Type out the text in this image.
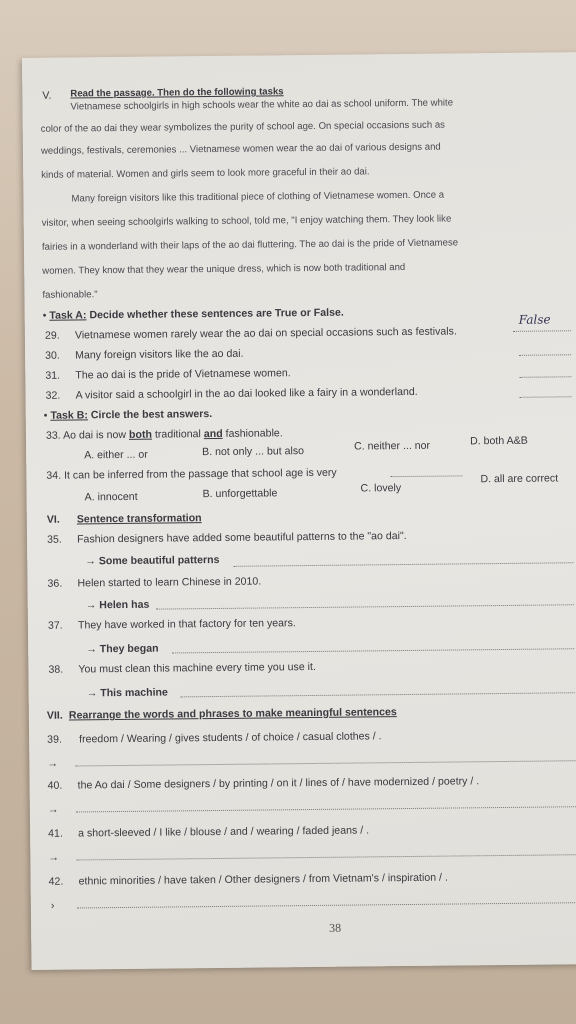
V. Read the passage. Then do the following tasks
Vietnamese schoolgirls in high schools wear the white ao dai as school uniform. The white
color of the ao dai they wear symbolizes the purity of school age. On special occasions such as
weddings, festivals, ceremonies ... Vietnamese women wear the ao dai of various designs and
kinds of material. Women and girls seem to look more graceful in their ao dai.
Many foreign visitors like this traditional piece of clothing of Vietnamese women. Once a
visitor, when seeing schoolgirls walking to school, told me, "I enjoy watching them. They look like
fairies in a wonderland with their laps of the ao dai fluttering. The ao dai is the pride of Vietnamese
women. They know that they wear the unique dress, which is now both traditional and
fashionable."
• Task A: Decide whether these sentences are True or False.
29. Vietnamese women rarely wear the ao dai on special occasions such as festivals.
False
30. Many foreign visitors like the ao dai.
31. The ao dai is the pride of Vietnamese women.
32. A visitor said a schoolgirl in the ao dai looked like a fairy in a wonderland.
• Task B: Circle the best answers.
33. Ao dai is now both traditional and fashionable.
A. either ... or	B. not only ... but also	C. neither ... nor	D. both A&B
34. It can be inferred from the passage that school age is very
A. innocent	B. unforgettable	C. lovely
D. all are correct
VI. Sentence transformation
35. Fashion designers have added some beautiful patterns to the "ao dai".
→ Some beautiful patterns
36. Helen started to learn Chinese in 2010.
→ Helen has
37. They have worked in that factory for ten years.
→ They began
38. You must clean this machine every time you use it.
→ This machine
VII. Rearrange the words and phrases to make meaningful sentences
39. freedom / Wearing / gives students / of choice / casual clothes / .
→
40. the Ao dai / Some designers / by printing / on it / lines of / have modernized / poetry / .
→
41. a short-sleeved / I like / blouse / and / wearing / faded jeans / .
→
42. ethnic minorities / have taken / Other designers / from Vietnam's / inspiration / .
›
38
